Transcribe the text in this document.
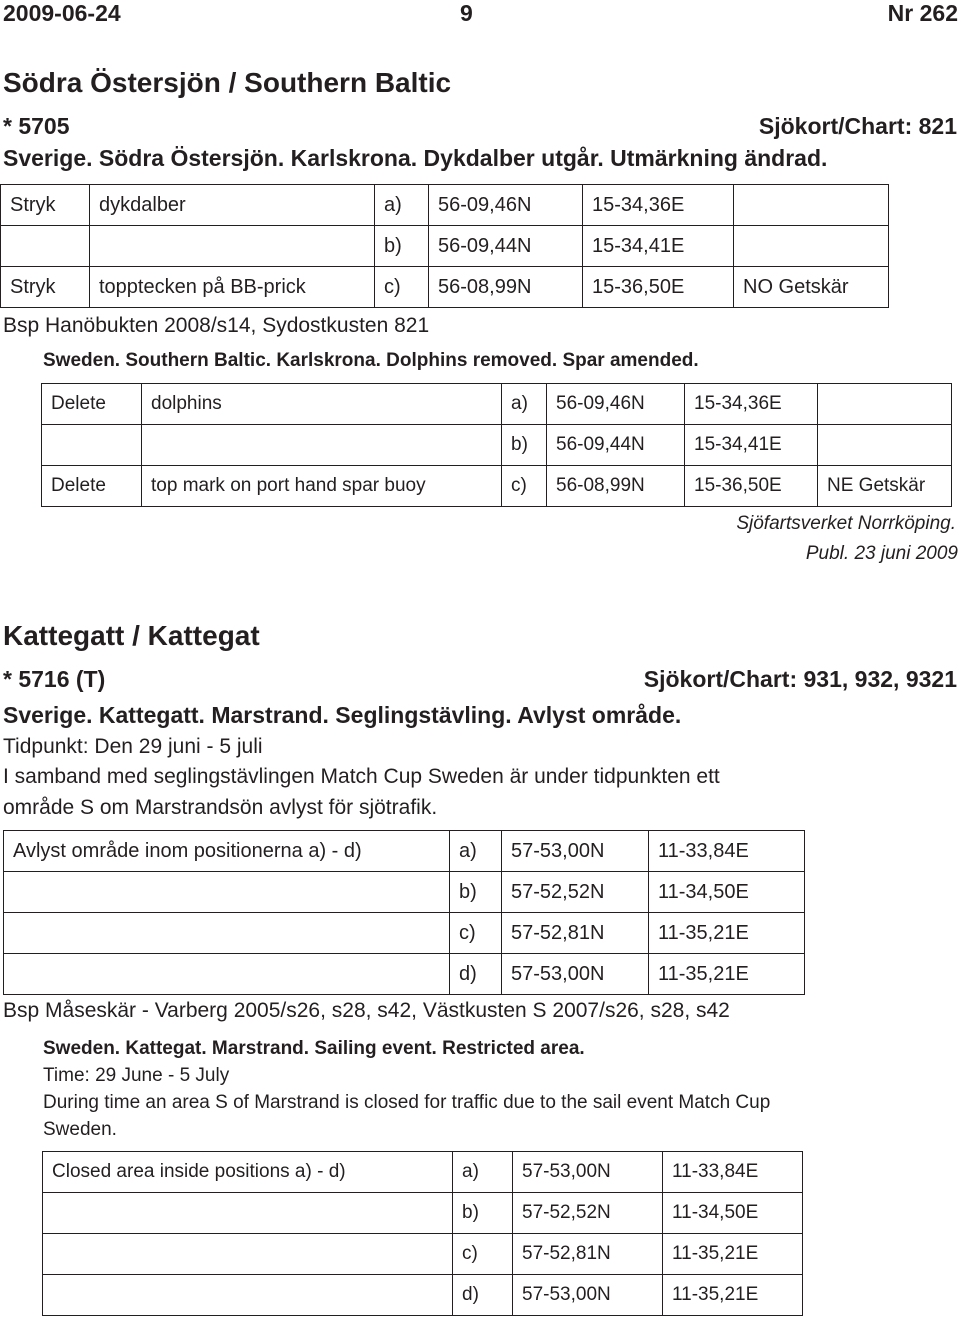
2009-06-24	9	Nr 262
Södra Östersjön / Southern Baltic
* 5705	Sjökort/Chart: 821
Sverige. Södra Östersjön. Karlskrona. Dykdalber utgår. Utmärkning ändrad.
Stryk	dykdalber	a)	56-09,46N	15-34,36E	
		b)	56-09,44N	15-34,41E	
Stryk	topptecken på BB-prick	c)	56-08,99N	15-36,50E	NO Getskär
Bsp Hanöbukten 2008/s14, Sydostkusten 821
Sweden. Southern Baltic. Karlskrona. Dolphins removed. Spar amended.
Delete	dolphins	a)	56-09,46N	15-34,36E	
		b)	56-09,44N	15-34,41E	
Delete	top mark on port hand spar buoy	c)	56-08,99N	15-36,50E	NE Getskär
Sjöfartsverket Norrköping.
Publ. 23 juni 2009
Kattegatt / Kattegat
* 5716 (T)	Sjökort/Chart: 931, 932, 9321
Sverige. Kattegatt. Marstrand. Seglingstävling. Avlyst område.
Tidpunkt: Den 29 juni - 5 juli
I samband med seglingstävlingen Match Cup Sweden är under tidpunkten ett
område S om Marstrandsön avlyst för sjötrafik.
Avlyst område inom positionerna a) - d)	a)	57-53,00N	11-33,84E
	b)	57-52,52N	11-34,50E
	c)	57-52,81N	11-35,21E
	d)	57-53,00N	11-35,21E
Bsp Måseskär - Varberg 2005/s26, s28, s42, Västkusten S 2007/s26, s28, s42
Sweden. Kattegat. Marstrand. Sailing event. Restricted area.
Time: 29 June - 5 July
During time an area S of Marstrand is closed for traffic due to the sail event Match Cup
Sweden.
Closed area inside positions a) - d)	a)	57-53,00N	11-33,84E
	b)	57-52,52N	11-34,50E
	c)	57-52,81N	11-35,21E
	d)	57-53,00N	11-35,21E
